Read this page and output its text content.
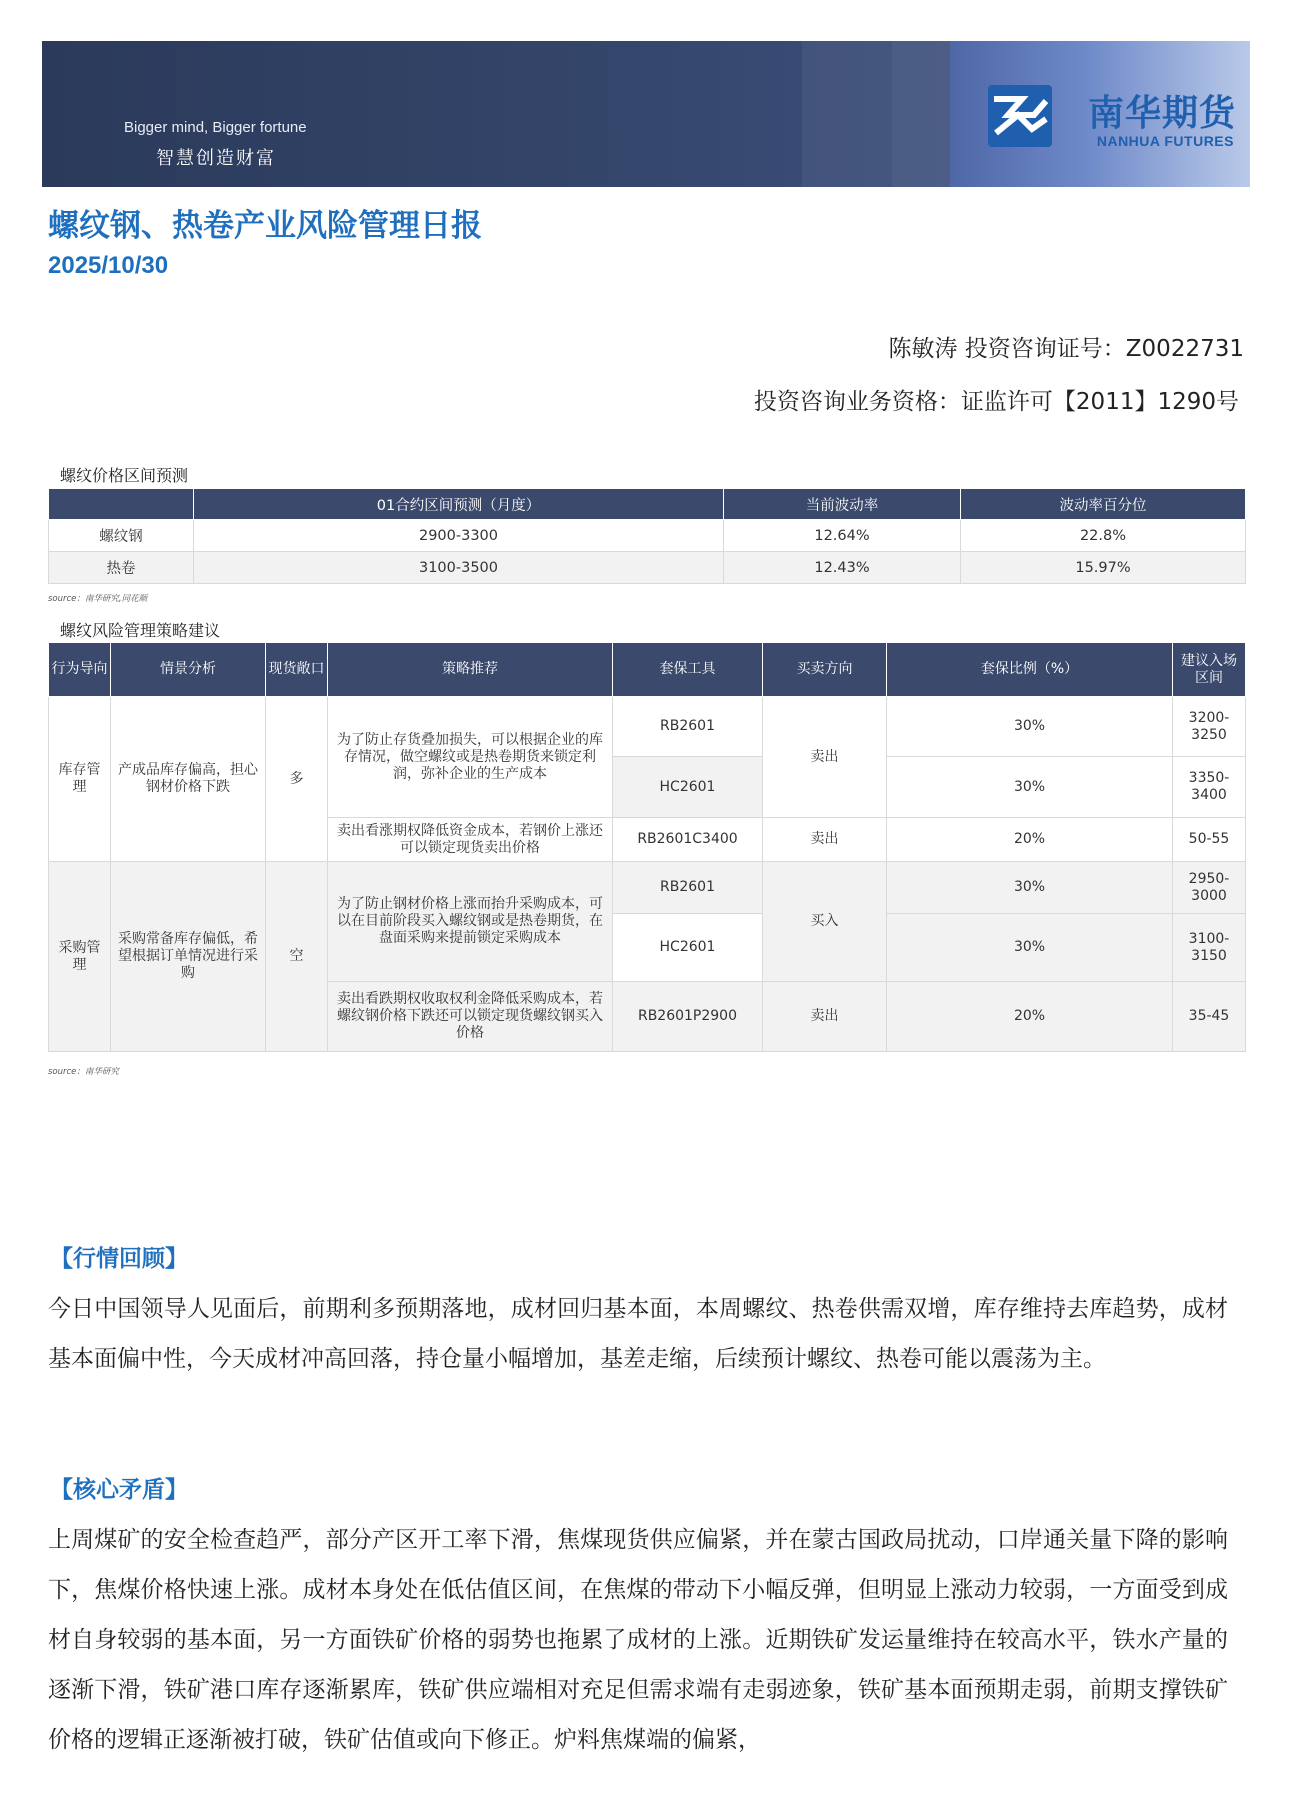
Bigger mind, Bigger fortune
智慧创造财富
南华期货
NANHUA FUTURES
螺纹钢、热卷产业风险管理日报
2025/10/30
陈敏涛 投资咨询证号：Z0022731
投资咨询业务资格：证监许可【2011】1290号
螺纹价格区间预测
	01合约区间预测（月度）	当前波动率	波动率百分位
螺纹钢	2900-3300	12.64%	22.8%
热卷	3100-3500	12.43%	15.97%
source：南华研究,同花顺
螺纹风险管理策略建议
行为导向	情景分析	现货敞口	策略推荐	套保工具	买卖方向	套保比例（%）	建议入场区间
库存管理	产成品库存偏高，担心钢材价格下跌	多	为了防止存货叠加损失，可以根据企业的库存情况，做空螺纹或是热卷期货来锁定利润，弥补企业的生产成本	RB2601	卖出	30%	3200-3250
				HC2601		30%	3350-3400
			卖出看涨期权降低资金成本，若钢价上涨还可以锁定现货卖出价格	RB2601C3400	卖出	20%	50-55
采购管理	采购常备库存偏低，希望根据订单情况进行采购	空	为了防止钢材价格上涨而抬升采购成本，可以在目前阶段买入螺纹钢或是热卷期货，在盘面采购来提前锁定采购成本	RB2601	买入	30%	2950-3000
				HC2601		30%	3100-3150
			卖出看跌期权收取权利金降低采购成本，若螺纹钢价格下跌还可以锁定现货螺纹钢买入价格	RB2601P2900	卖出	20%	35-45
source：南华研究
【行情回顾】
今日中国领导人见面后，前期利多预期落地，成材回归基本面，本周螺纹、热卷供需双增，库存维持去库趋势，成材基本面偏中性，今天成材冲高回落，持仓量小幅增加，基差走缩，后续预计螺纹、热卷可能以震荡为主。
【核心矛盾】
上周煤矿的安全检查趋严，部分产区开工率下滑，焦煤现货供应偏紧，并在蒙古国政局扰动，口岸通关量下降的影响下，焦煤价格快速上涨。成材本身处在低估值区间，在焦煤的带动下小幅反弹，但明显上涨动力较弱，一方面受到成材自身较弱的基本面，另一方面铁矿价格的弱势也拖累了成材的上涨。近期铁矿发运量维持在较高水平，铁水产量的逐渐下滑，铁矿港口库存逐渐累库，铁矿供应端相对充足但需求端有走弱迹象，铁矿基本面预期走弱，前期支撑铁矿价格的逻辑正逐渐被打破，铁矿估值或向下修正。炉料焦煤端的偏紧，
